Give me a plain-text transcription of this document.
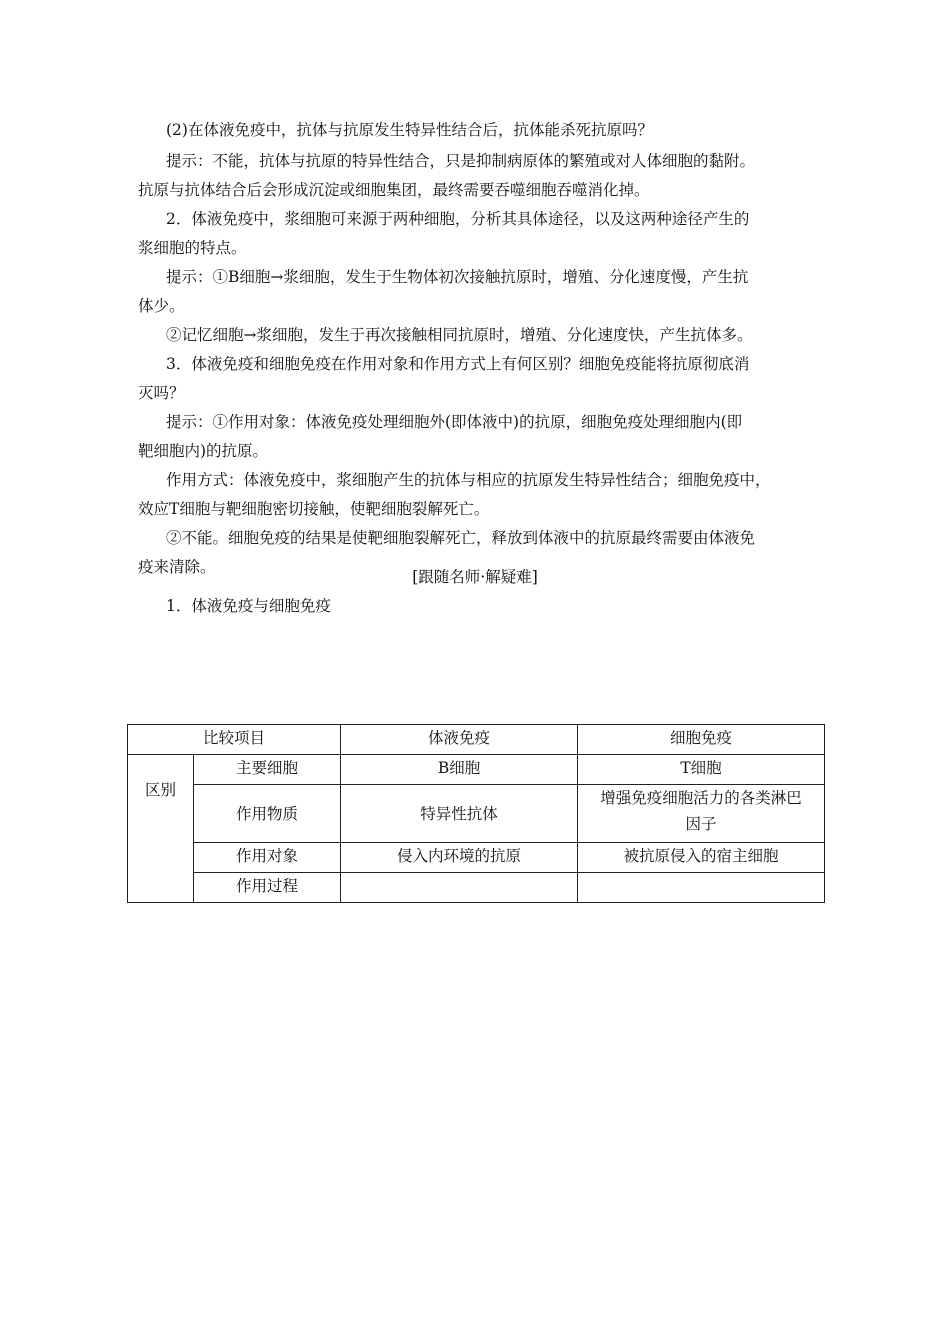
(2)在体液免疫中，抗体与抗原发生特异性结合后，抗体能杀死抗原吗？
提示：不能，抗体与抗原的特异性结合，只是抑制病原体的繁殖或对人体细胞的黏附。
抗原与抗体结合后会形成沉淀或细胞集团，最终需要吞噬细胞吞噬消化掉。
2．体液免疫中，浆细胞可来源于两种细胞，分析其具体途径，以及这两种途径产生的
浆细胞的特点。
提示：①B细胞→浆细胞，发生于生物体初次接触抗原时，增殖、分化速度慢，产生抗
体少。
②记忆细胞→浆细胞，发生于再次接触相同抗原时，增殖、分化速度快，产生抗体多。
3．体液免疫和细胞免疫在作用对象和作用方式上有何区别？细胞免疫能将抗原彻底消
灭吗？
提示：①作用对象：体液免疫处理细胞外(即体液中)的抗原，细胞免疫处理细胞内(即
靶细胞内)的抗原。
作用方式：体液免疫中，浆细胞产生的抗体与相应的抗原发生特异性结合；细胞免疫中，
效应T细胞与靶细胞密切接触，使靶细胞裂解死亡。
②不能。细胞免疫的结果是使靶细胞裂解死亡，释放到体液中的抗原最终需要由体液免
疫来清除。
[跟随名师·解疑难]
1．体液免疫与细胞免疫
比较项目		体液免疫	细胞免疫
区别	主要细胞	B细胞	T细胞
	作用物质	特异性抗体	增强免疫细胞活力的各类淋巴因子
	作用对象	侵入内环境的抗原	被抗原侵入的宿主细胞
	作用过程		
